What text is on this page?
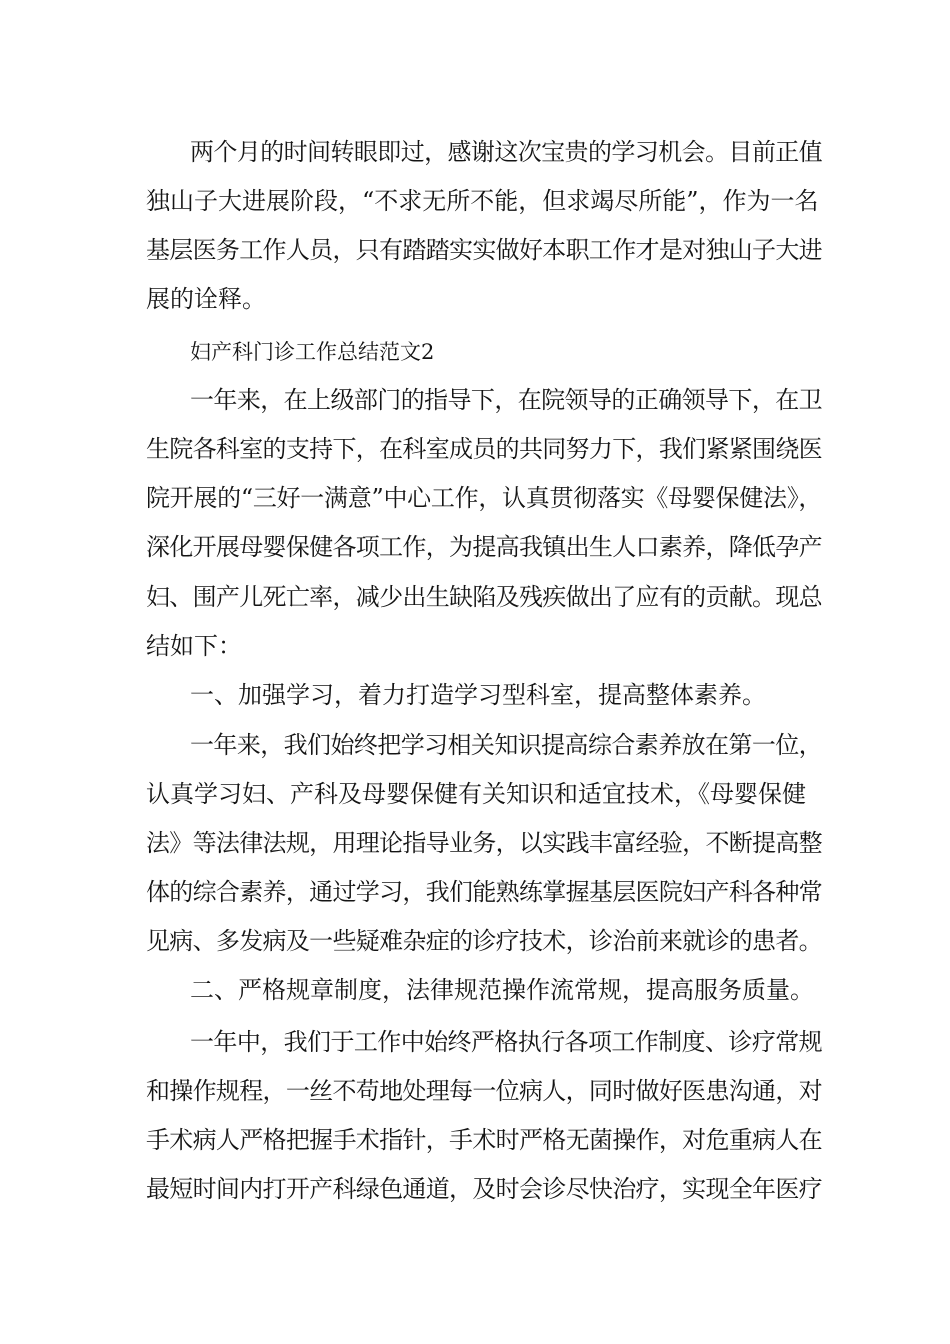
两个月的时间转眼即过，感谢这次宝贵的学习机会。目前正值
独山子大进展阶段，“不求无所不能，但求竭尽所能”，作为一名
基层医务工作人员，只有踏踏实实做好本职工作才是对独山子大进
展的诠释。
妇产科门诊工作总结范文2
一年来，在上级部门的指导下，在院领导的正确领导下，在卫
生院各科室的支持下，在科室成员的共同努力下，我们紧紧围绕医
院开展的“三好一满意”中心工作，认真贯彻落实《母婴保健法》，
深化开展母婴保健各项工作，为提高我镇出生人口素养，降低孕产
妇、围产儿死亡率，减少出生缺陷及残疾做出了应有的贡献。现总
结如下：
一、加强学习，着力打造学习型科室，提高整体素养。
一年来，我们始终把学习相关知识提高综合素养放在第一位，
认真学习妇、产科及母婴保健有关知识和适宜技术，《母婴保健
法》等法律法规，用理论指导业务，以实践丰富经验，不断提高整
体的综合素养，通过学习，我们能熟练掌握基层医院妇产科各种常
见病、多发病及一些疑难杂症的诊疗技术，诊治前来就诊的患者。
二、严格规章制度，法律规范操作流常规，提高服务质量。
一年中，我们于工作中始终严格执行各项工作制度、诊疗常规
和操作规程，一丝不苟地处理每一位病人，同时做好医患沟通，对
手术病人严格把握手术指针，手术时严格无菌操作，对危重病人在
最短时间内打开产科绿色通道，及时会诊尽快治疗，实现全年医疗
